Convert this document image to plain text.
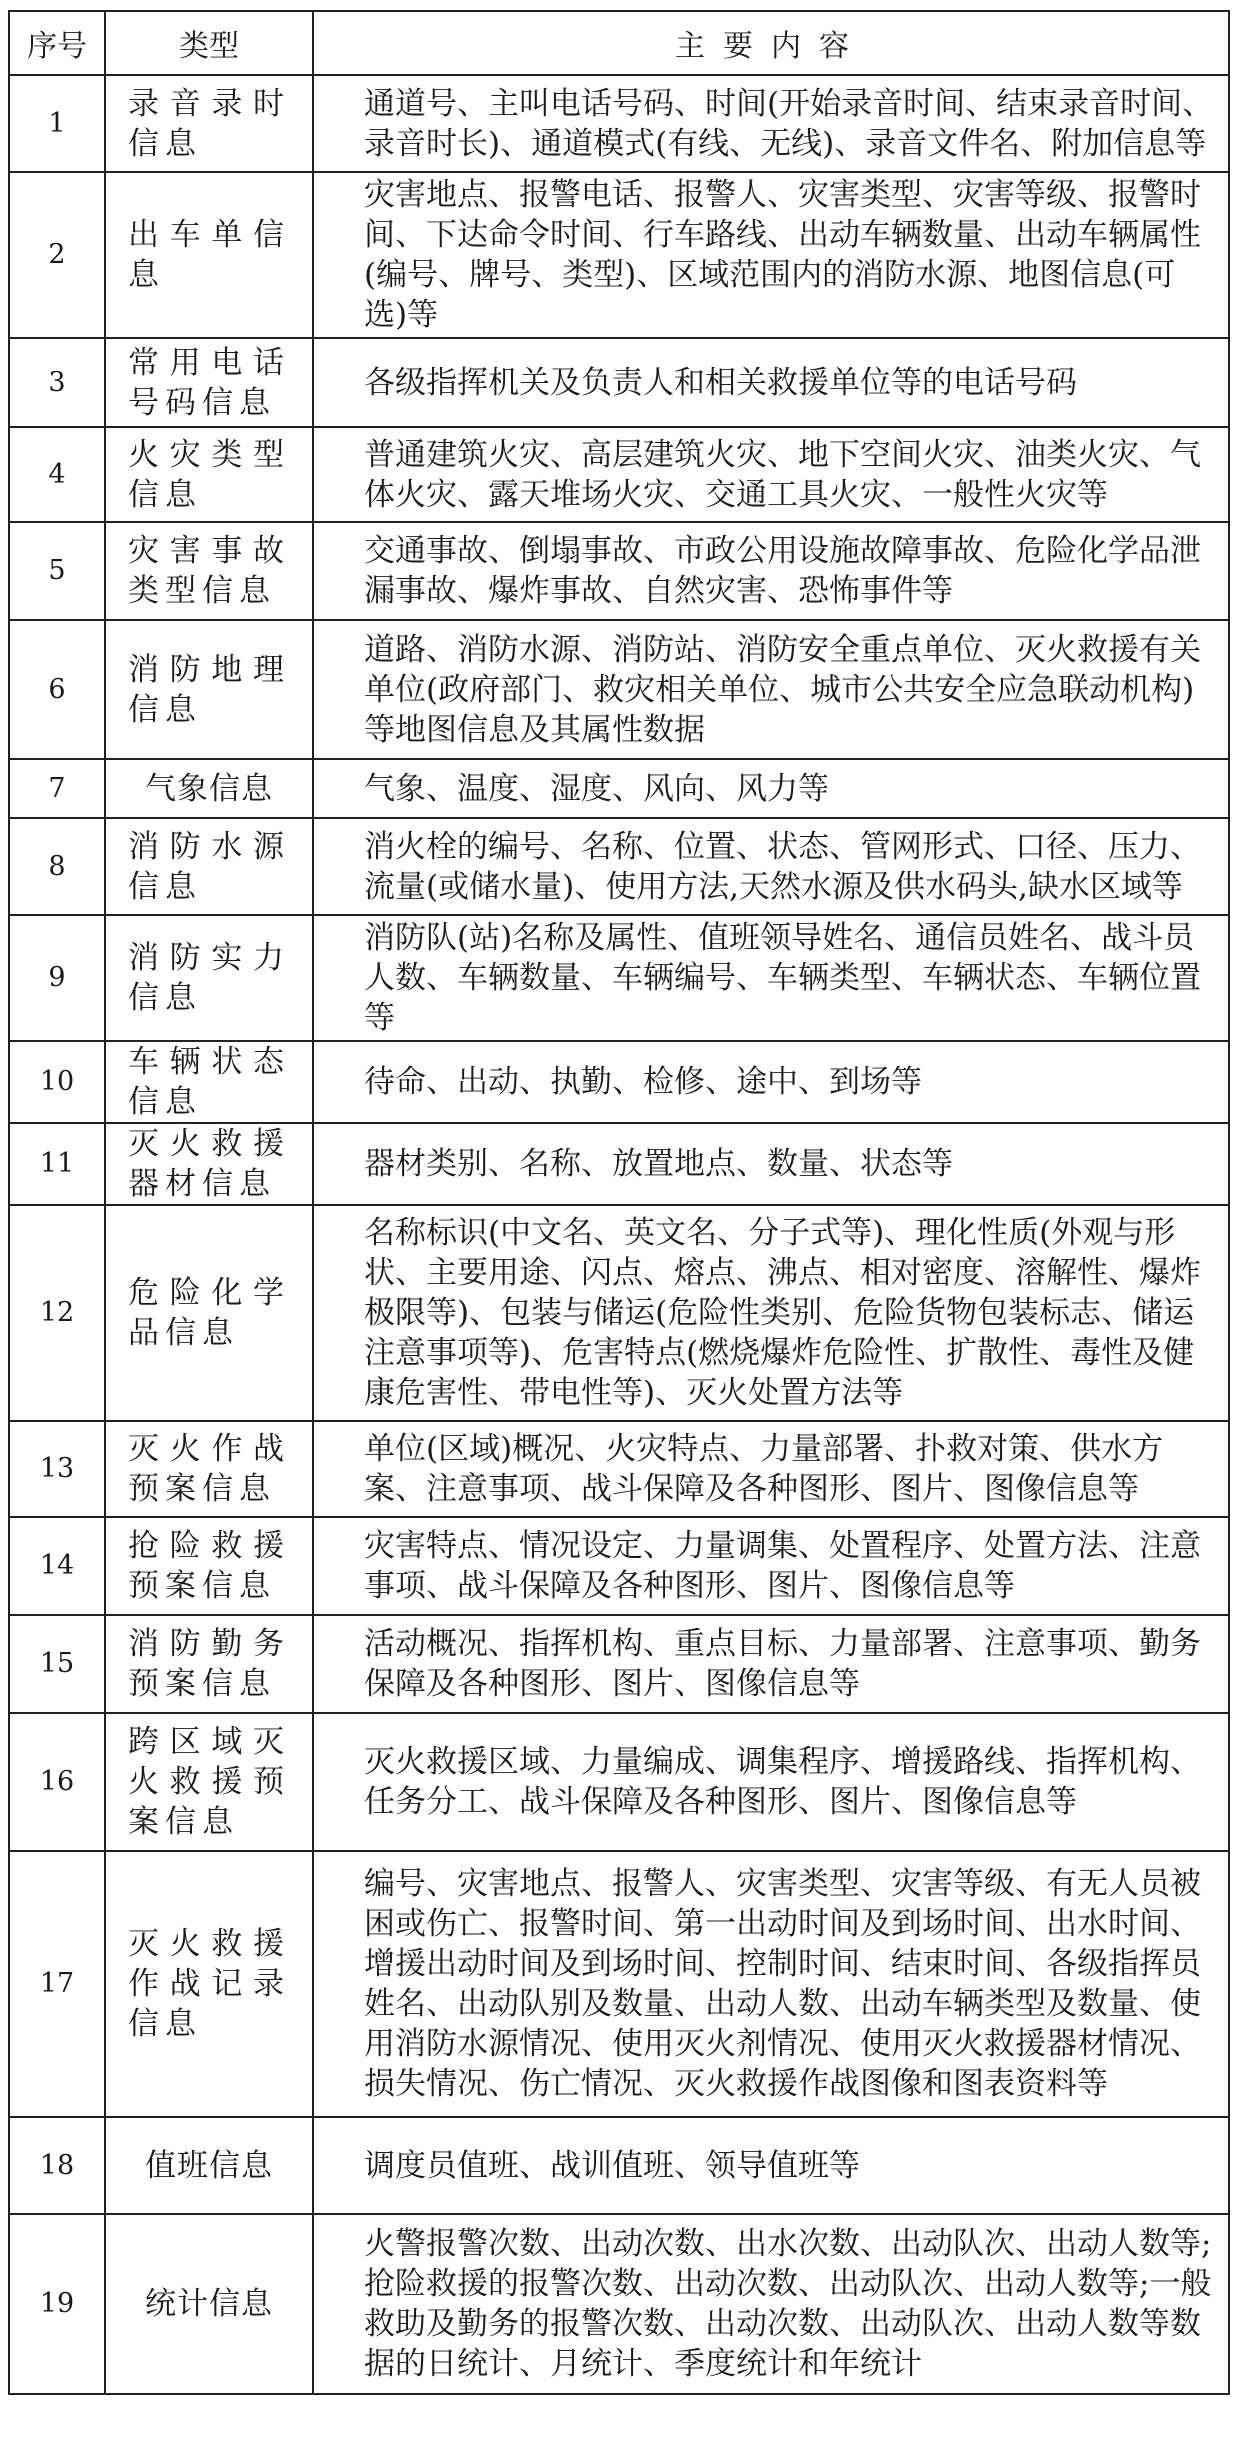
序号	类型	主要内容
1	录音录时信息	通道号、主叫电话号码、时间(开始录音时间、结束录音时间、录音时长)、通道模式(有线、无线)、录音文件名、附加信息等
2	出车单信息	灾害地点、报警电话、报警人、灾害类型、灾害等级、报警时间、下达命令时间、行车路线、出动车辆数量、出动车辆属性(编号、牌号、类型)、区域范围内的消防水源、地图信息(可选)等
3	常用电话号码信息	各级指挥机关及负责人和相关救援单位等的电话号码
4	火灾类型信息	普通建筑火灾、高层建筑火灾、地下空间火灾、油类火灾、气体火灾、露天堆场火灾、交通工具火灾、一般性火灾等
5	灾害事故类型信息	交通事故、倒塌事故、市政公用设施故障事故、危险化学品泄漏事故、爆炸事故、自然灾害、恐怖事件等
6	消防地理信息	道路、消防水源、消防站、消防安全重点单位、灭火救援有关单位(政府部门、救灾相关单位、城市公共安全应急联动机构)等地图信息及其属性数据
7	气象信息	气象、温度、湿度、风向、风力等
8	消防水源信息	消火栓的编号、名称、位置、状态、管网形式、口径、压力、流量(或储水量)、使用方法,天然水源及供水码头,缺水区域等
9	消防实力信息	消防队(站)名称及属性、值班领导姓名、通信员姓名、战斗员人数、车辆数量、车辆编号、车辆类型、车辆状态、车辆位置等
10	车辆状态信息	待命、出动、执勤、检修、途中、到场等
11	灭火救援器材信息	器材类别、名称、放置地点、数量、状态等
12	危险化学品信息	名称标识(中文名、英文名、分子式等)、理化性质(外观与形状、主要用途、闪点、熔点、沸点、相对密度、溶解性、爆炸极限等)、包装与储运(危险性类别、危险货物包装标志、储运注意事项等)、危害特点(燃烧爆炸危险性、扩散性、毒性及健康危害性、带电性等)、灭火处置方法等
13	灭火作战预案信息	单位(区域)概况、火灾特点、力量部署、扑救对策、供水方案、注意事项、战斗保障及各种图形、图片、图像信息等
14	抢险救援预案信息	灾害特点、情况设定、力量调集、处置程序、处置方法、注意事项、战斗保障及各种图形、图片、图像信息等
15	消防勤务预案信息	活动概况、指挥机构、重点目标、力量部署、注意事项、勤务保障及各种图形、图片、图像信息等
16	跨区域灭火救援预案信息	灭火救援区域、力量编成、调集程序、增援路线、指挥机构、任务分工、战斗保障及各种图形、图片、图像信息等
17	灭火救援作战记录信息	编号、灾害地点、报警人、灾害类型、灾害等级、有无人员被困或伤亡、报警时间、第一出动时间及到场时间、出水时间、增援出动时间及到场时间、控制时间、结束时间、各级指挥员姓名、出动队别及数量、出动人数、出动车辆类型及数量、使用消防水源情况、使用灭火剂情况、使用灭火救援器材情况、损失情况、伤亡情况、灭火救援作战图像和图表资料等
18	值班信息	调度员值班、战训值班、领导值班等
19	统计信息	火警报警次数、出动次数、出水次数、出动队次、出动人数等;抢险救援的报警次数、出动次数、出动队次、出动人数等;一般救助及勤务的报警次数、出动次数、出动队次、出动人数等数据的日统计、月统计、季度统计和年统计
